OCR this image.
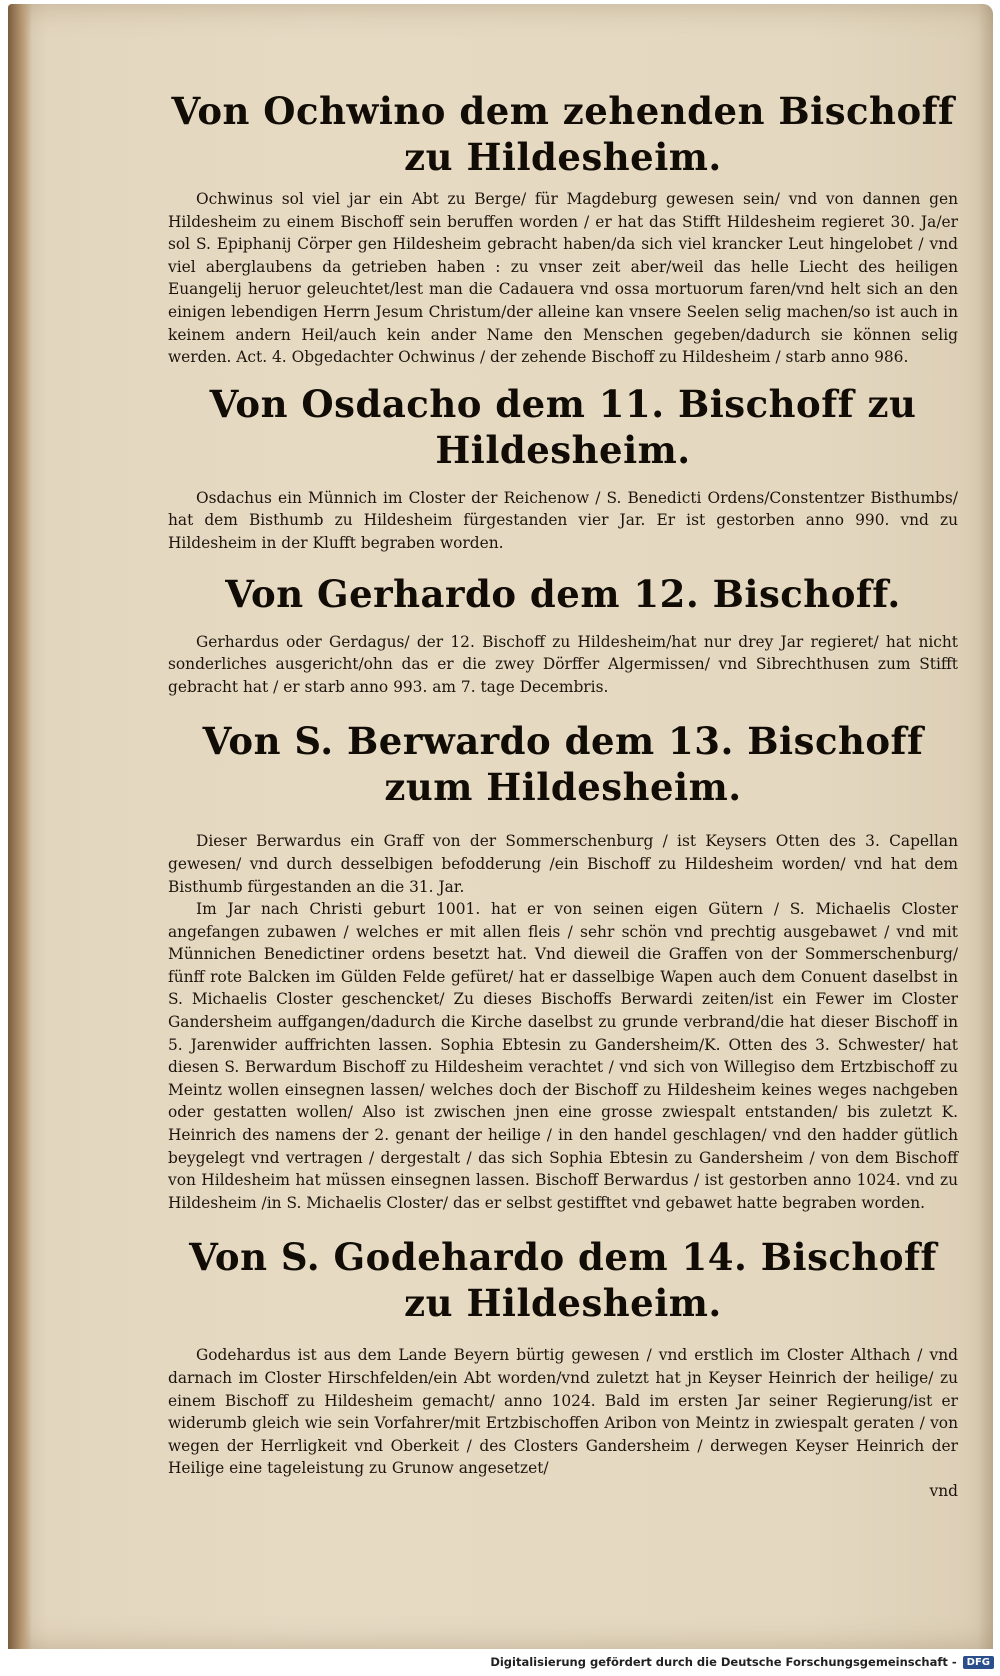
Von Ochwino dem zehenden Bischoff zu Hildesheim.

Ochwinus sol viel jar ein Abt zu Berge/ für Magdeburg gewesen sein/ vnd von dannen gen Hildesheim zu einem Bischoff sein beruffen worden / er hat das Stifft Hildesheim regieret 30. Ja/er sol S. Epiphanij Cörper gen Hildesheim gebracht haben/da sich viel krancker Leut hingelobet / vnd viel aberglaubens da getrieben haben : zu vnser zeit aber/weil das helle Liecht des heiligen Euangelij heruor geleuchtet/lest man die Cadauera vnd ossa mortuorum faren/vnd helt sich an den einigen lebendigen Herrn Jesum Christum/der alleine kan vnsere Seelen selig machen/so ist auch in keinem andern Heil/auch kein ander Name den Menschen gegeben/dadurch sie können selig werden. Act. 4. Obgedachter Ochwinus / der zehende Bischoff zu Hildesheim / starb anno 986.

Von Osdacho dem 11. Bischoff zu Hildesheim.

Osdachus ein Münnich im Closter der Reichenow / S. Benedicti Ordens/Constentzer Bisthumbs/ hat dem Bisthumb zu Hildesheim fürgestanden vier Jar. Er ist gestorben anno 990. vnd zu Hildesheim in der Klufft begraben worden.

Von Gerhardo dem 12. Bischoff.

Gerhardus oder Gerdagus/ der 12. Bischoff zu Hildesheim/hat nur drey Jar regieret/ hat nicht sonderliches ausgericht/ohn das er die zwey Dörffer Algermissen/ vnd Sibrechthusen zum Stifft gebracht hat / er starb anno 993. am 7. tage Decembris.

Von S. Berwardo dem 13. Bischoff zum Hildesheim.

Dieser Berwardus ein Graff von der Sommerschenburg / ist Keysers Otten des 3. Capellan gewesen/ vnd durch desselbigen befodderung /ein Bischoff zu Hildesheim worden/ vnd hat dem Bisthumb fürgestanden an die 31. Jar.

Im Jar nach Christi geburt 1001. hat er von seinen eigen Gütern / S. Michaelis Closter angefangen zubawen / welches er mit allen fleis / sehr schön vnd prechtig ausgebawet / vnd mit Münnichen Benedictiner ordens besetzt hat. Vnd dieweil die Graffen von der Sommerschenburg/ fünff rote Balcken im Gülden Felde gefüret/ hat er dasselbige Wapen auch dem Conuent daselbst in S. Michaelis Closter geschencket/ Zu dieses Bischoffs Berwardi zeiten/ist ein Fewer im Closter Gandersheim auffgangen/dadurch die Kirche daselbst zu grunde verbrand/die hat dieser Bischoff in 5. Jarenwider auffrichten lassen. Sophia Ebtesin zu Gandersheim/K. Otten des 3. Schwester/ hat diesen S. Berwardum Bischoff zu Hildesheim verachtet / vnd sich von Willegiso dem Ertzbischoff zu Meintz wollen einsegnen lassen/ welches doch der Bischoff zu Hildesheim keines weges nachgeben oder gestatten wollen/ Also ist zwischen jnen eine grosse zwiespalt entstanden/ bis zuletzt K. Heinrich des namens der 2. genant der heilige / in den handel geschlagen/ vnd den hadder gütlich beygelegt vnd vertragen / dergestalt / das sich Sophia Ebtesin zu Gandersheim / von dem Bischoff von Hildesheim hat müssen einsegnen lassen. Bischoff Berwardus / ist gestorben anno 1024. vnd zu Hildesheim /in S. Michaelis Closter/ das er selbst gestifftet vnd gebawet hatte begraben worden.

Von S. Godehardo dem 14. Bischoff zu Hildesheim.

Godehardus ist aus dem Lande Beyern bürtig gewesen / vnd erstlich im Closter Althach / vnd darnach im Closter Hirschfelden/ein Abt worden/vnd zuletzt hat jn Keyser Heinrich der heilige/ zu einem Bischoff zu Hildesheim gemacht/ anno 1024. Bald im ersten Jar seiner Regierung/ist er widerumb gleich wie sein Vorfahrer/mit Ertzbischoffen Aribon von Meintz in zwiespalt geraten / von wegen der Herrligkeit vnd Oberkeit / des Closters Gandersheim / derwegen Keyser Heinrich der Heilige eine tageleistung zu Grunow angesetzet/

vnd
Digitalisierung gefördert durch die Deutsche Forschungsgemeinschaft -	DFG
